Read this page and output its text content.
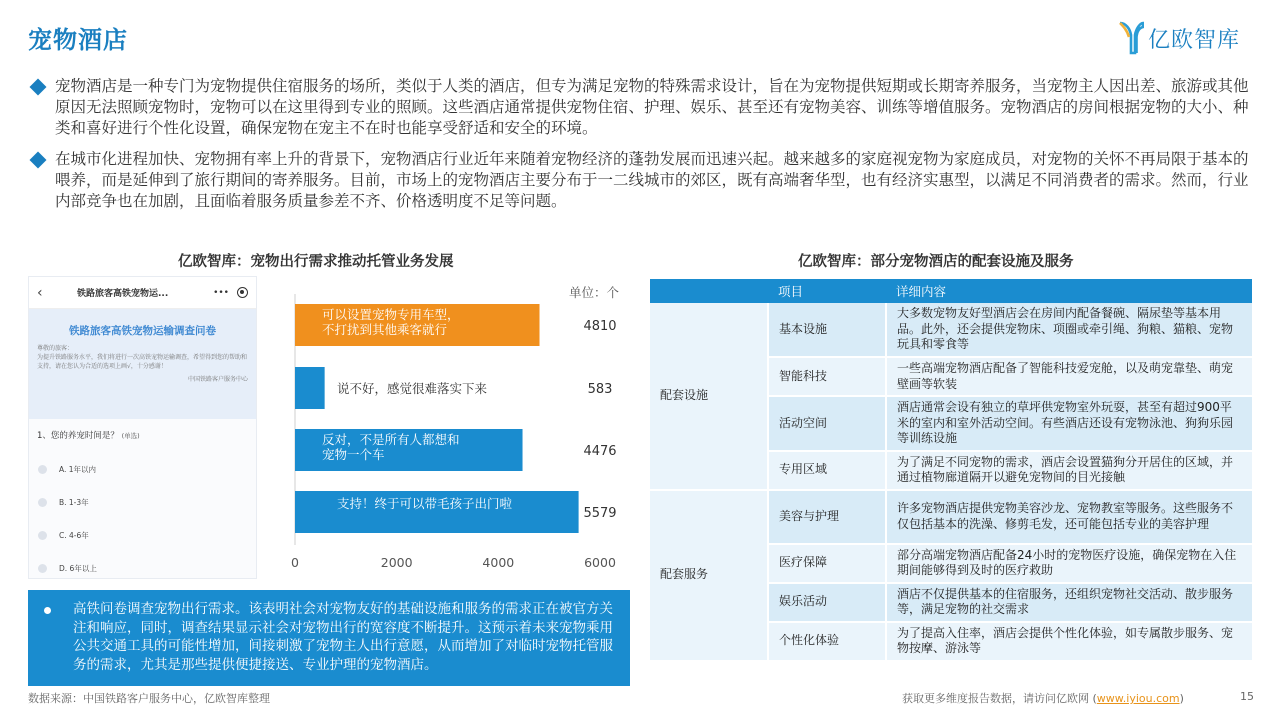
宠物酒店	亿欧智库

宠物酒店是一种专门为宠物提供住宿服务的场所，类似于人类的酒店，但专为满足宠物的特殊需求设计，旨在为宠物提供短期或长期寄养服务，当宠物主人因出差、旅游或其他原因无法照顾宠物时，宠物可以在这里得到专业的照顾。这些酒店通常提供宠物住宿、护理、娱乐、甚至还有宠物美容、训练等增值服务。宠物酒店的房间根据宠物的大小、种类和喜好进行个性化设置，确保宠物在宠主不在时也能享受舒适和安全的环境。

在城市化进程加快、宠物拥有率上升的背景下，宠物酒店行业近年来随着宠物经济的蓬勃发展而迅速兴起。越来越多的家庭视宠物为家庭成员，对宠物的关怀不再局限于基本的喂养，而是延伸到了旅行期间的寄养服务。目前，市场上的宠物酒店主要分布于一二线城市的郊区，既有高端奢华型，也有经济实惠型，以满足不同消费者的需求。然而，行业内部竞争也在加剧，且面临着服务质量参差不齐、价格透明度不足等问题。

亿欧智库：宠物出行需求推动托管业务发展	亿欧智库：部分宠物酒店的配套设施及服务
‹	铁路旅客高铁宠物运...	•••
铁路旅客高铁宠物运输调查问卷
尊敬的旅客：
为提升铁路服务水平，我们将进行一次高铁宠物运输调查，希望得到您的帮助和支持，请在您认为合适的选项上画√，十分感谢！
中国铁路客户服务中心
1、您的养宠时间是？ (单选)
A. 1年以内
B. 1-3年
C. 4-6年
D. 6年以上
单位：个
可以设置宠物专用车型，
不打扰到其他乘客就行	4810
说不好，感觉很难落实下来	583
反对，不是所有人都想和
宠物一个车	4476
支持！终于可以带毛孩子出门啦
5579
0	2000	4000	6000

高铁问卷调查宠物出行需求。该表明社会对宠物友好的基础设施和服务的需求正在被官方关注和响应，同时，调查结果显示社会对宠物出行的宽容度不断提升。这预示着未来宠物乘用公共交通工具的可能性增加，间接刺激了宠物主人出行意愿，从而增加了对临时宠物托管服务的需求，尤其是那些提供便捷接送、专业护理的宠物酒店。

	项目	详细内容
配套设施	基本设施	大多数宠物友好型酒店会在房间内配备餐碗、隔尿垫等基本用品。此外，还会提供宠物床、项圈或牵引绳、狗粮、猫粮、宠物玩具和零食等
	智能科技	一些高端宠物酒店配备了智能科技爱宠舱，以及萌宠靠垫、萌宠壁画等软装
	活动空间	酒店通常会设有独立的草坪供宠物室外玩耍，甚至有超过900平米的室内和室外活动空间。有些酒店还设有宠物泳池、狗狗乐园等训练设施
	专用区域	为了满足不同宠物的需求，酒店会设置猫狗分开居住的区域，并通过植物廊道隔开以避免宠物间的目光接触
配套服务	美容与护理	许多宠物酒店提供宠物美容沙龙、宠物教室等服务。这些服务不仅包括基本的洗澡、修剪毛发，还可能包括专业的美容护理
	医疗保障	部分高端宠物酒店配备24小时的宠物医疗设施，确保宠物在入住期间能够得到及时的医疗救助
	娱乐活动	酒店不仅提供基本的住宿服务，还组织宠物社交活动、散步服务等，满足宠物的社交需求
	个性化体验	为了提高入住率，酒店会提供个性化体验，如专属散步服务、宠物按摩、游泳等
数据来源：中国铁路客户服务中心，亿欧智库整理	获取更多维度报告数据，请访问亿欧网 (www.iyiou.com)	15
